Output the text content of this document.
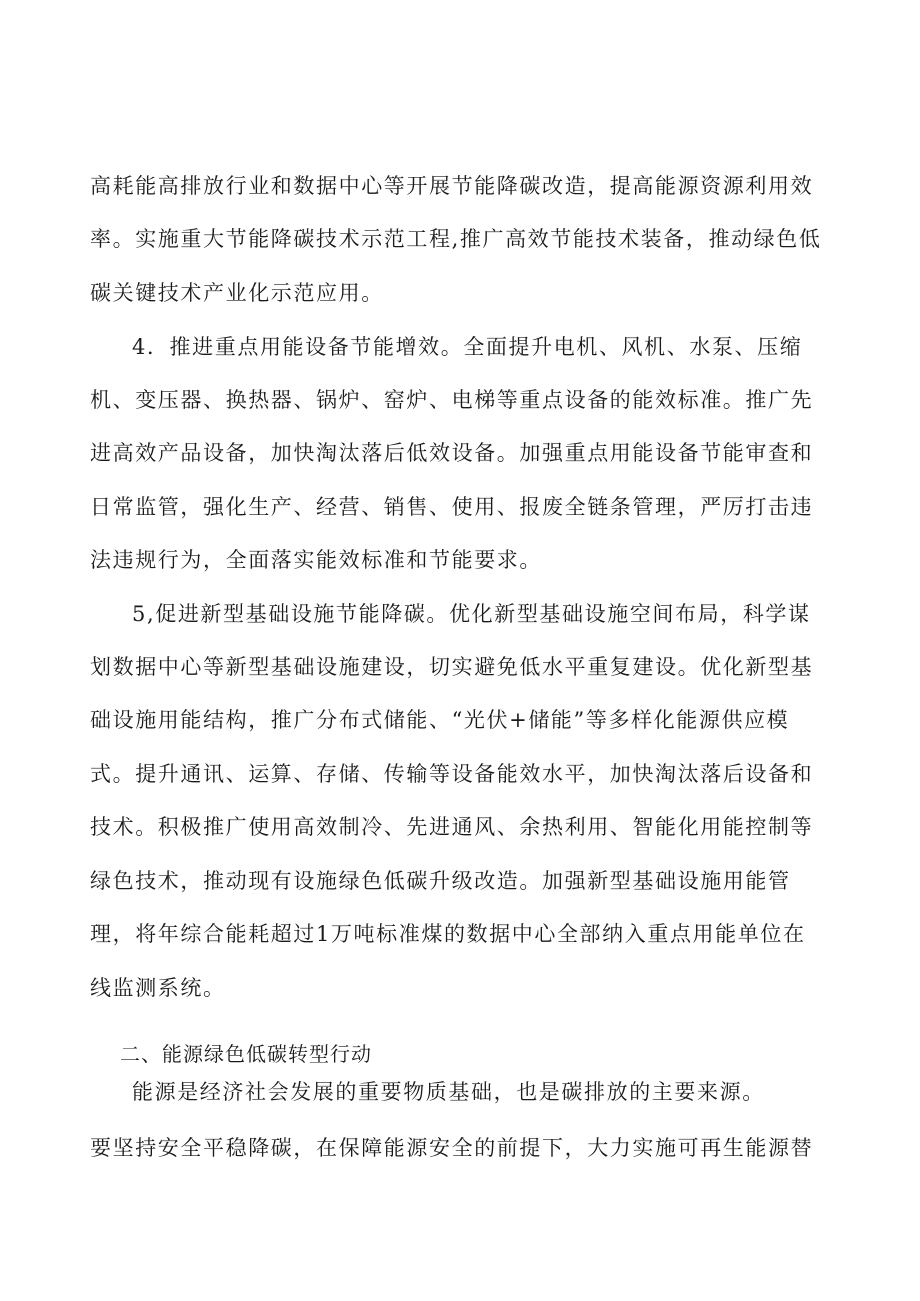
高耗能高排放行业和数据中心等开展节能降碳改造，提高能源资源利用效
率。实施重大节能降碳技术示范工程,推广高效节能技术装备，推动绿色低
碳关键技术产业化示范应用。
4．推进重点用能设备节能增效。全面提升电机、风机、水泵、压缩
机、变压器、换热器、锅炉、窑炉、电梯等重点设备的能效标准。推广先
进高效产品设备，加快淘汰落后低效设备。加强重点用能设备节能审查和
日常监管，强化生产、经营、销售、使用、报废全链条管理，严厉打击违
法违规行为，全面落实能效标准和节能要求。
5,促进新型基础设施节能降碳。优化新型基础设施空间布局，科学谋
划数据中心等新型基础设施建设，切实避免低水平重复建设。优化新型基
础设施用能结构，推广分布式储能、“光伏+储能”等多样化能源供应模
式。提升通讯、运算、存储、传输等设备能效水平，加快淘汰落后设备和
技术。积极推广使用高效制冷、先进通风、余热利用、智能化用能控制等
绿色技术，推动现有设施绿色低碳升级改造。加强新型基础设施用能管
理，将年综合能耗超过1万吨标准煤的数据中心全部纳入重点用能单位在
线监测系统。
二、能源绿色低碳转型行动
能源是经济社会发展的重要物质基础，也是碳排放的主要来源。
要坚持安全平稳降碳，在保障能源安全的前提下，大力实施可再生能源替
